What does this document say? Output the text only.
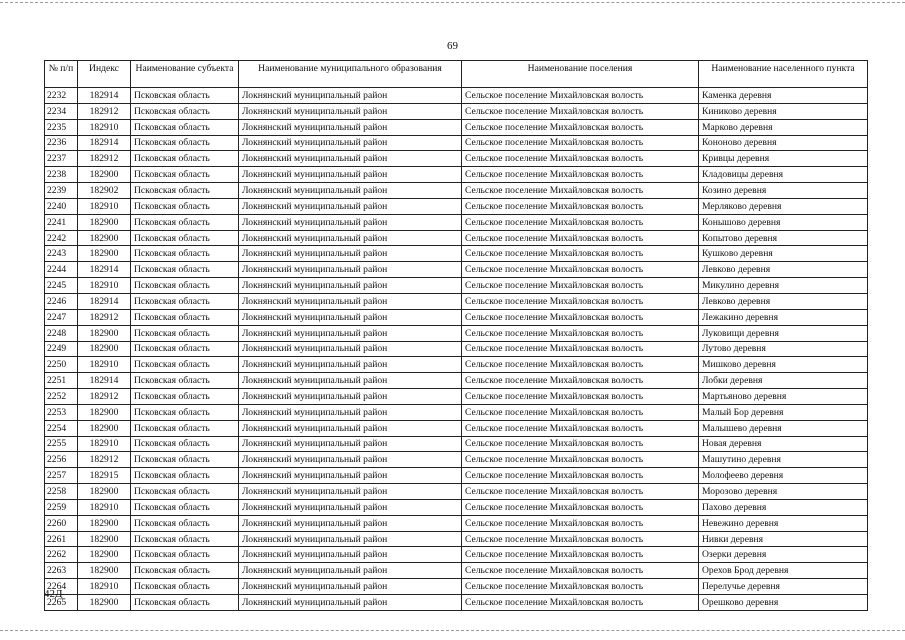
69
№ п/п	Индекс	Наименование субъекта	Наименование муниципального образования	Наименование поселения	Наименование населенного пункта
2232	182914	Псковская область	Локнянский муниципальный район	Сельское поселение Михайловская волость	Каменка деревня
2234	182912	Псковская область	Локнянский муниципальный район	Сельское поселение Михайловская волость	Киниково деревня
2235	182910	Псковская область	Локнянский муниципальный район	Сельское поселение Михайловская волость	Марково деревня
2236	182914	Псковская область	Локнянский муниципальный район	Сельское поселение Михайловская волость	Кононово деревня
2237	182912	Псковская область	Локнянский муниципальный район	Сельское поселение Михайловская волость	Кривцы деревня
2238	182900	Псковская область	Локнянский муниципальный район	Сельское поселение Михайловская волость	Кладовицы деревня
2239	182902	Псковская область	Локнянский муниципальный район	Сельское поселение Михайловская волость	Козино деревня
2240	182910	Псковская область	Локнянский муниципальный район	Сельское поселение Михайловская волость	Мерляково деревня
2241	182900	Псковская область	Локнянский муниципальный район	Сельское поселение Михайловская волость	Конышово деревня
2242	182900	Псковская область	Локнянский муниципальный район	Сельское поселение Михайловская волость	Копытово деревня
2243	182900	Псковская область	Локнянский муниципальный район	Сельское поселение Михайловская волость	Кушково деревня
2244	182914	Псковская область	Локнянский муниципальный район	Сельское поселение Михайловская волость	Левково деревня
2245	182910	Псковская область	Локнянский муниципальный район	Сельское поселение Михайловская волость	Микулино деревня
2246	182914	Псковская область	Локнянский муниципальный район	Сельское поселение Михайловская волость	Левково деревня
2247	182912	Псковская область	Локнянский муниципальный район	Сельское поселение Михайловская волость	Лежакино деревня
2248	182900	Псковская область	Локнянский муниципальный район	Сельское поселение Михайловская волость	Луковищи деревня
2249	182900	Псковская область	Локнянский муниципальный район	Сельское поселение Михайловская волость	Лутово деревня
2250	182910	Псковская область	Локнянский муниципальный район	Сельское поселение Михайловская волость	Мишково деревня
2251	182914	Псковская область	Локнянский муниципальный район	Сельское поселение Михайловская волость	Лобки деревня
2252	182912	Псковская область	Локнянский муниципальный район	Сельское поселение Михайловская волость	Мартьяново деревня
2253	182900	Псковская область	Локнянский муниципальный район	Сельское поселение Михайловская волость	Малый Бор деревня
2254	182900	Псковская область	Локнянский муниципальный район	Сельское поселение Михайловская волость	Малышево деревня
2255	182910	Псковская область	Локнянский муниципальный район	Сельское поселение Михайловская волость	Новая деревня
2256	182912	Псковская область	Локнянский муниципальный район	Сельское поселение Михайловская волость	Машутино деревня
2257	182915	Псковская область	Локнянский муниципальный район	Сельское поселение Михайловская волость	Молофеево деревня
2258	182900	Псковская область	Локнянский муниципальный район	Сельское поселение Михайловская волость	Морозово деревня
2259	182910	Псковская область	Локнянский муниципальный район	Сельское поселение Михайловская волость	Пахово деревня
2260	182900	Псковская область	Локнянский муниципальный район	Сельское поселение Михайловская волость	Невежино деревня
2261	182900	Псковская область	Локнянский муниципальный район	Сельское поселение Михайловская волость	Нивки деревня
2262	182900	Псковская область	Локнянский муниципальный район	Сельское поселение Михайловская волость	Озерки деревня
2263	182900	Псковская область	Локнянский муниципальный район	Сельское поселение Михайловская волость	Орехов Брод деревня
2264	182910	Псковская область	Локнянский муниципальный район	Сельское поселение Михайловская волость	Перелучье деревня
2265	182900	Псковская область	Локнянский муниципальный район	Сельское поселение Михайловская волость	Орешково деревня
42Д
